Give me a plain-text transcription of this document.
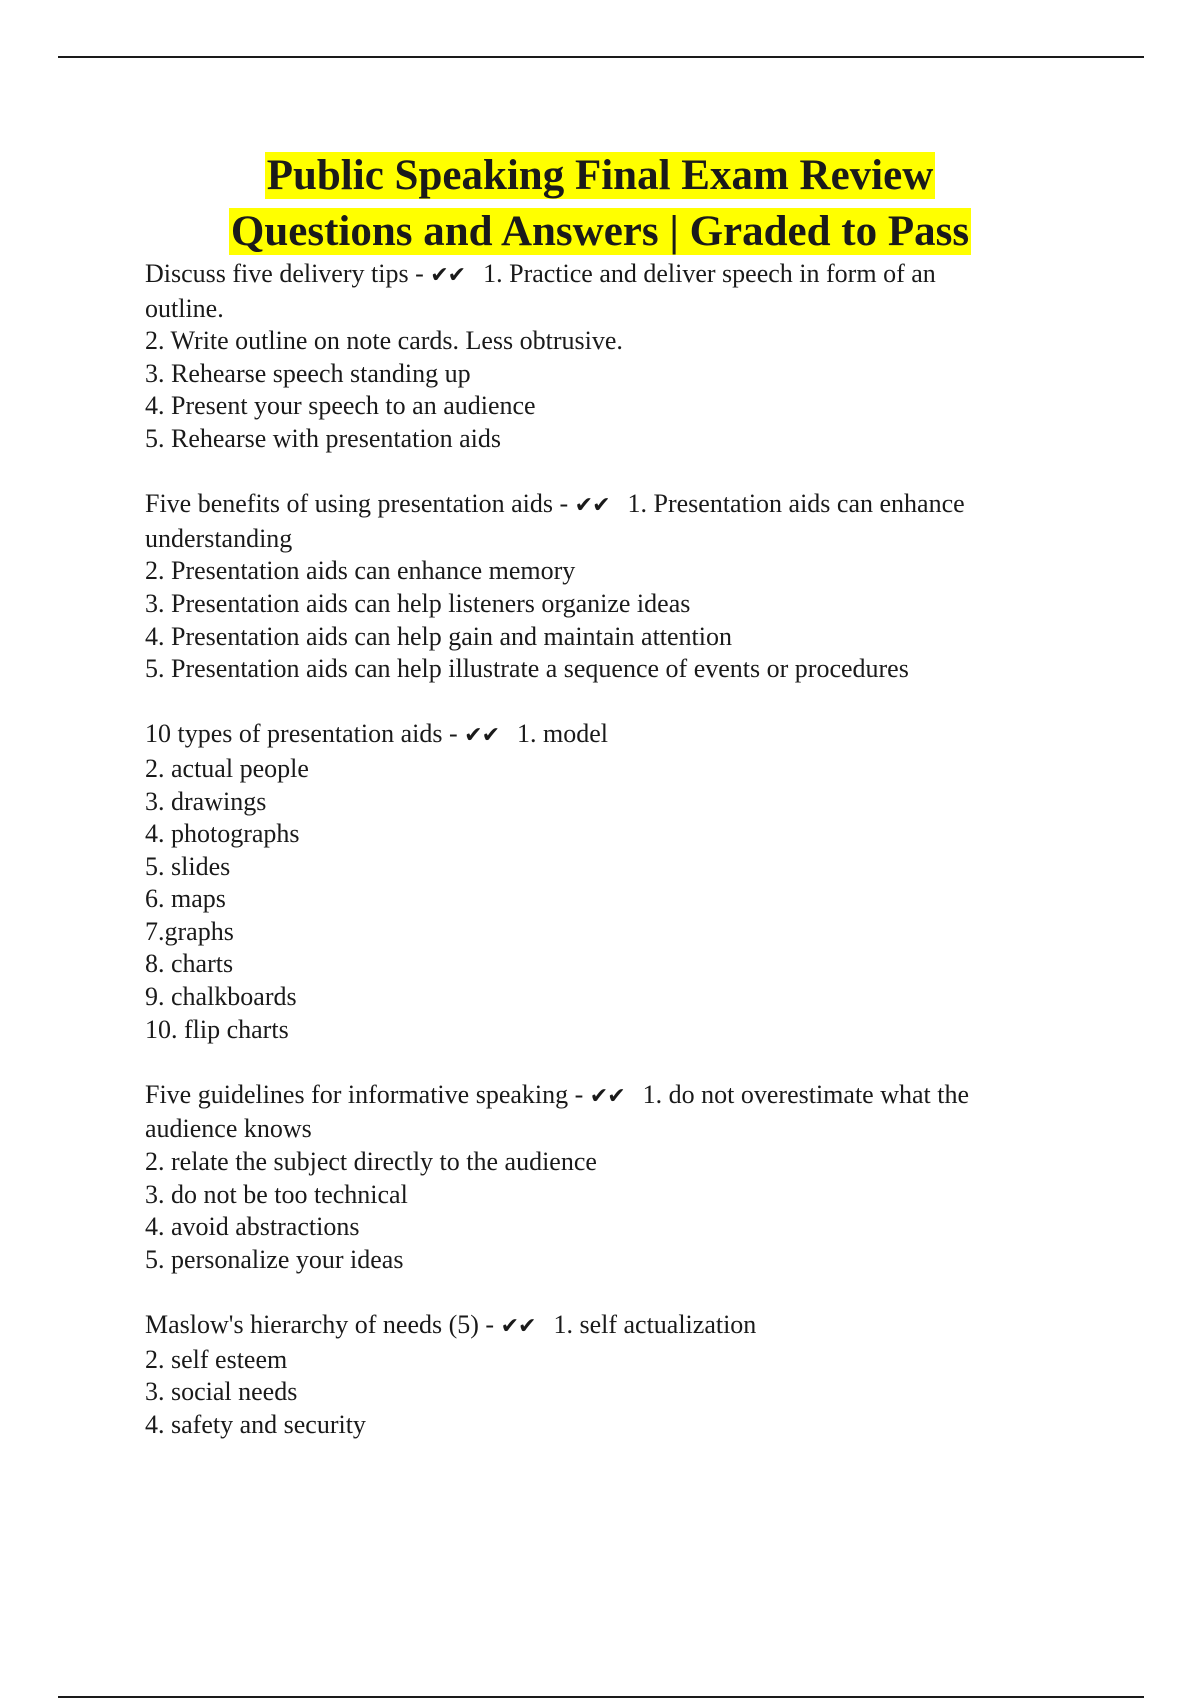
Public Speaking Final Exam Review
Questions and Answers | Graded to Pass
Discuss five delivery tips - ✔✔ 1. Practice and deliver speech in form of an
outline.
2. Write outline on note cards. Less obtrusive.
3. Rehearse speech standing up
4. Present your speech to an audience
5. Rehearse with presentation aids
Five benefits of using presentation aids - ✔✔ 1. Presentation aids can enhance
understanding
2. Presentation aids can enhance memory
3. Presentation aids can help listeners organize ideas
4. Presentation aids can help gain and maintain attention
5. Presentation aids can help illustrate a sequence of events or procedures
10 types of presentation aids - ✔✔ 1. model
2. actual people
3. drawings
4. photographs
5. slides
6. maps
7.graphs
8. charts
9. chalkboards
10. flip charts
Five guidelines for informative speaking - ✔✔ 1. do not overestimate what the
audience knows
2. relate the subject directly to the audience
3. do not be too technical
4. avoid abstractions
5. personalize your ideas
Maslow's hierarchy of needs (5) - ✔✔ 1. self actualization
2. self esteem
3. social needs
4. safety and security
